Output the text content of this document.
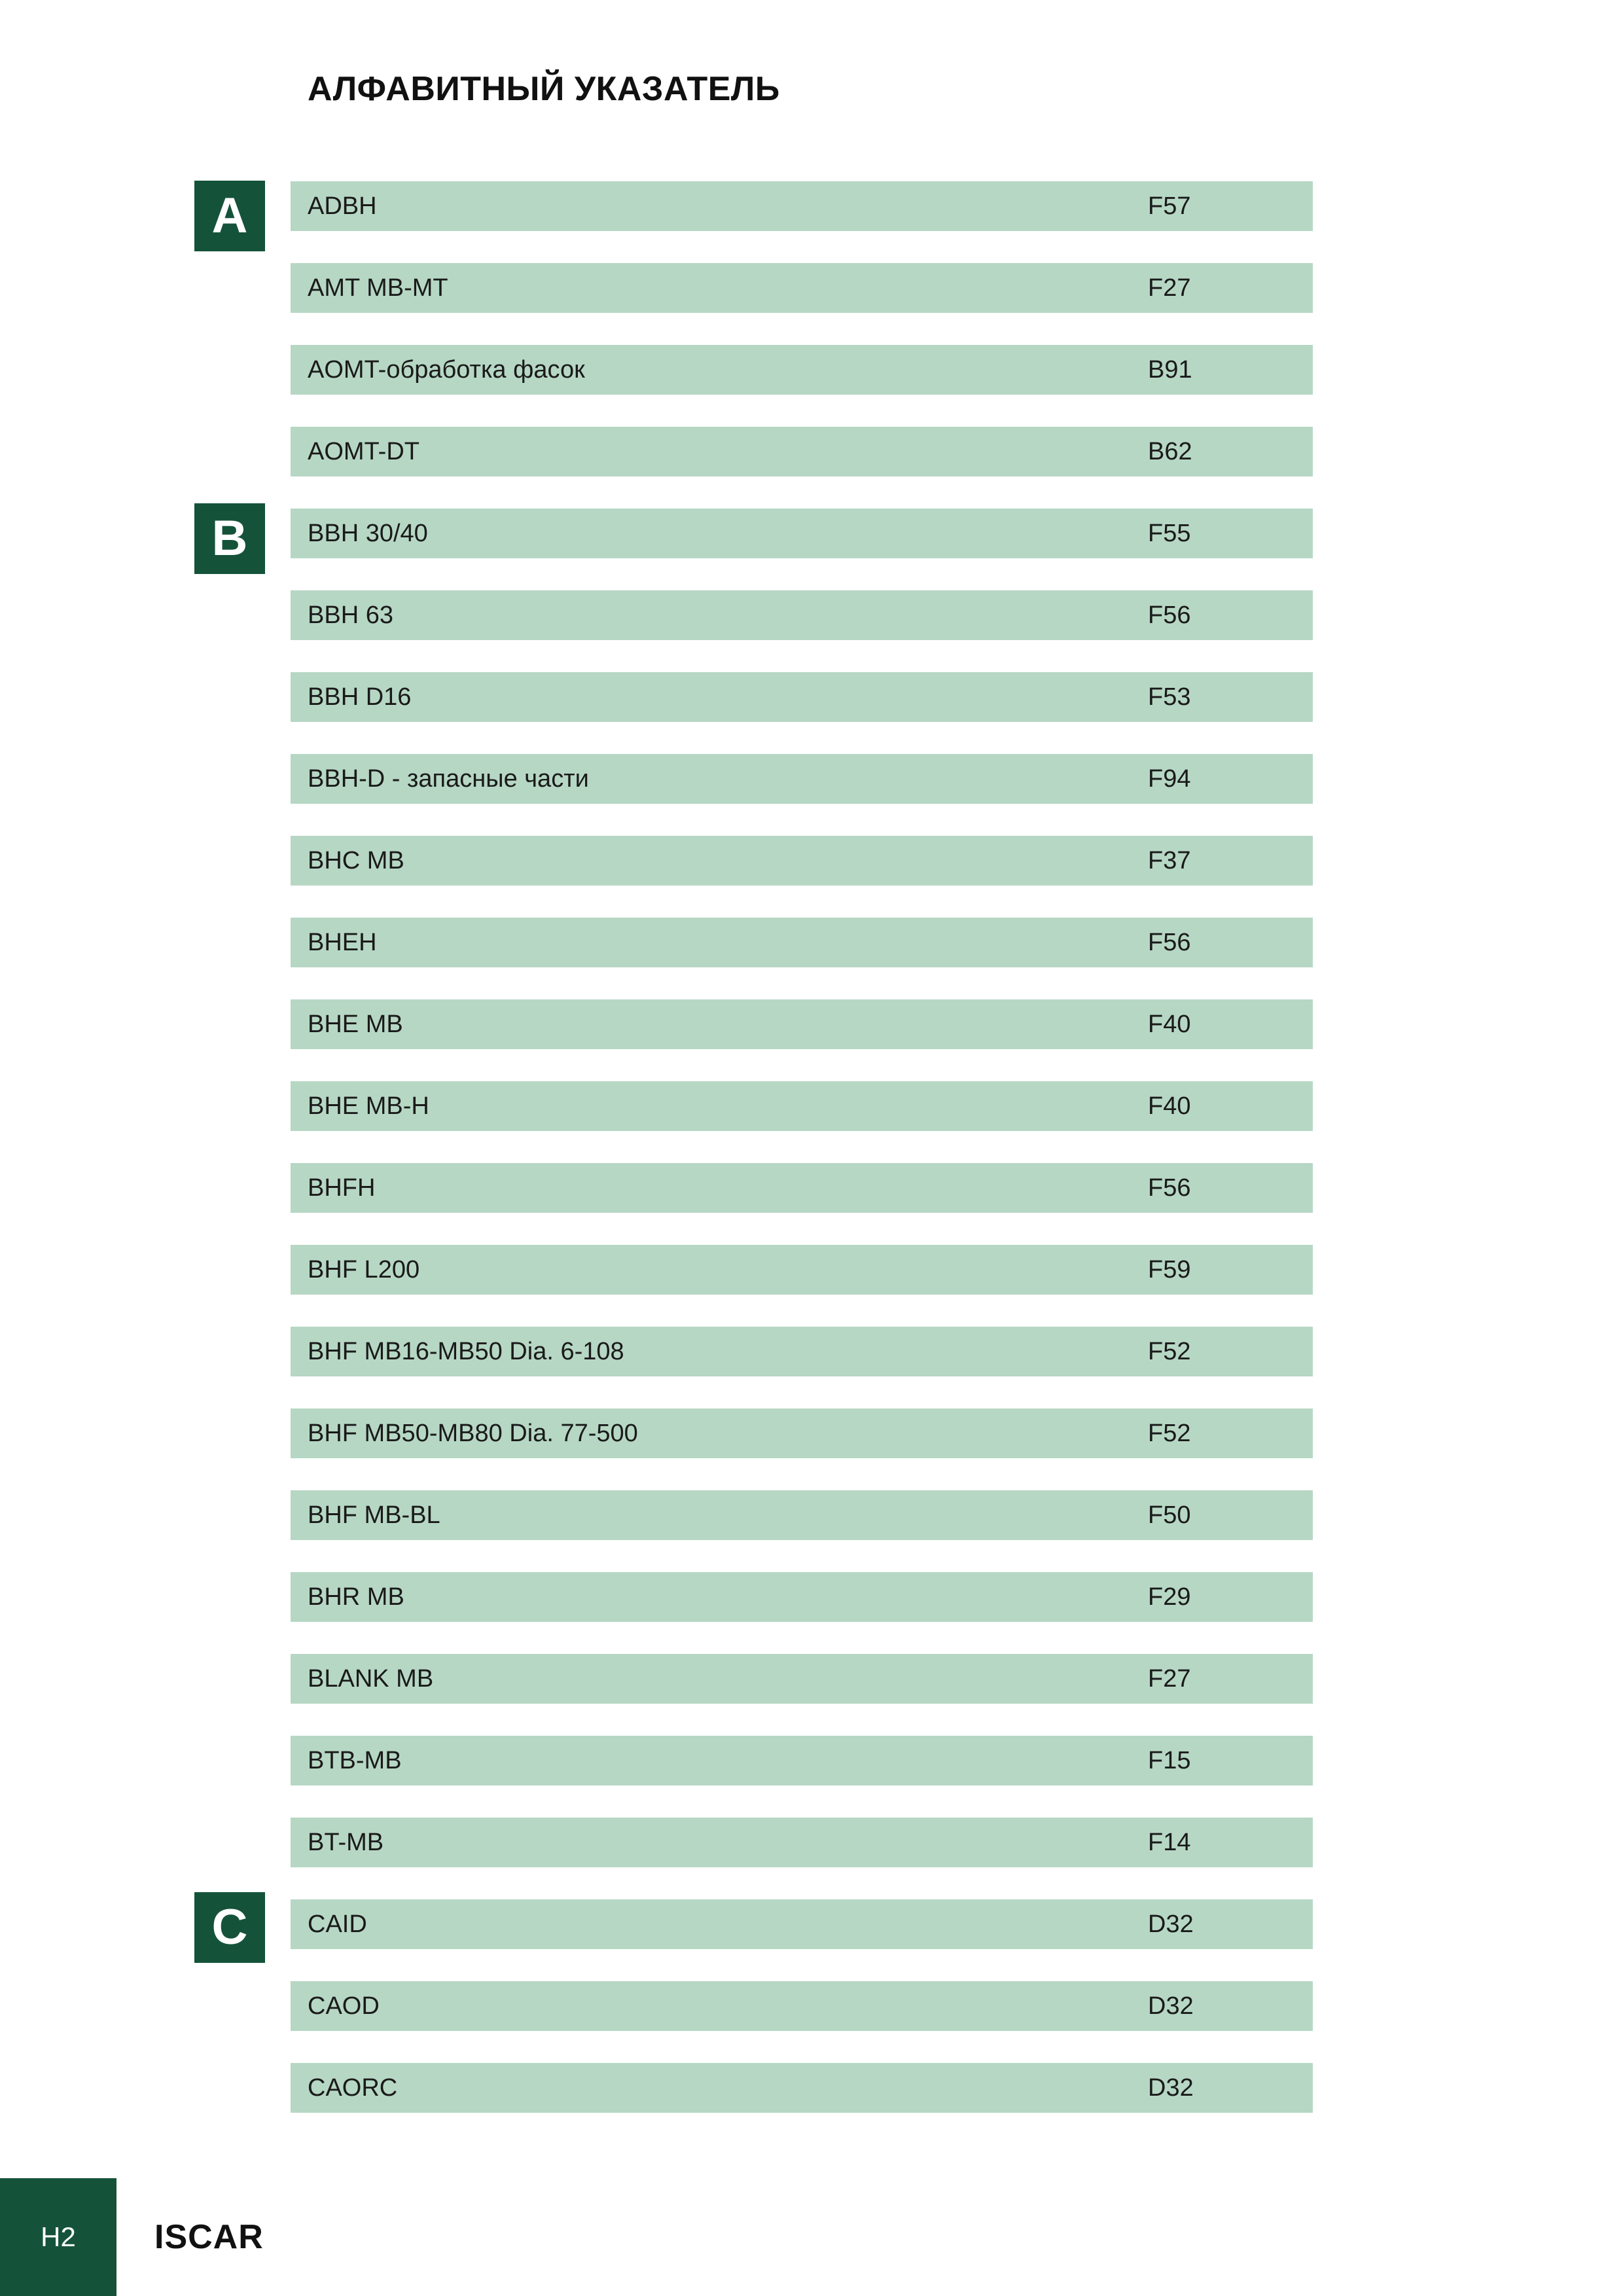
АЛФАВИТНЫЙ УКАЗАТЕЛЬ
A
B
C
ADBH	F57
AMT MB-MT	F27
AOMT-обработка фасок	B91
AOMT-DT	B62
BBH 30/40	F55
BBH 63	F56
BBH D16	F53
BBH-D - запасные части	F94
BHC MB	F37
BHEH	F56
BHE MB	F40
BHE MB-H	F40
BHFH	F56
BHF L200	F59
BHF MB16-MB50 Dia. 6-108	F52
BHF MB50-MB80 Dia. 77-500	F52
BHF MB-BL	F50
BHR MB	F29
BLANK MB	F27
BTB-MB	F15
BT-MB	F14
CAID	D32
CAOD	D32
CAORC	D32
H2	ISCAR
